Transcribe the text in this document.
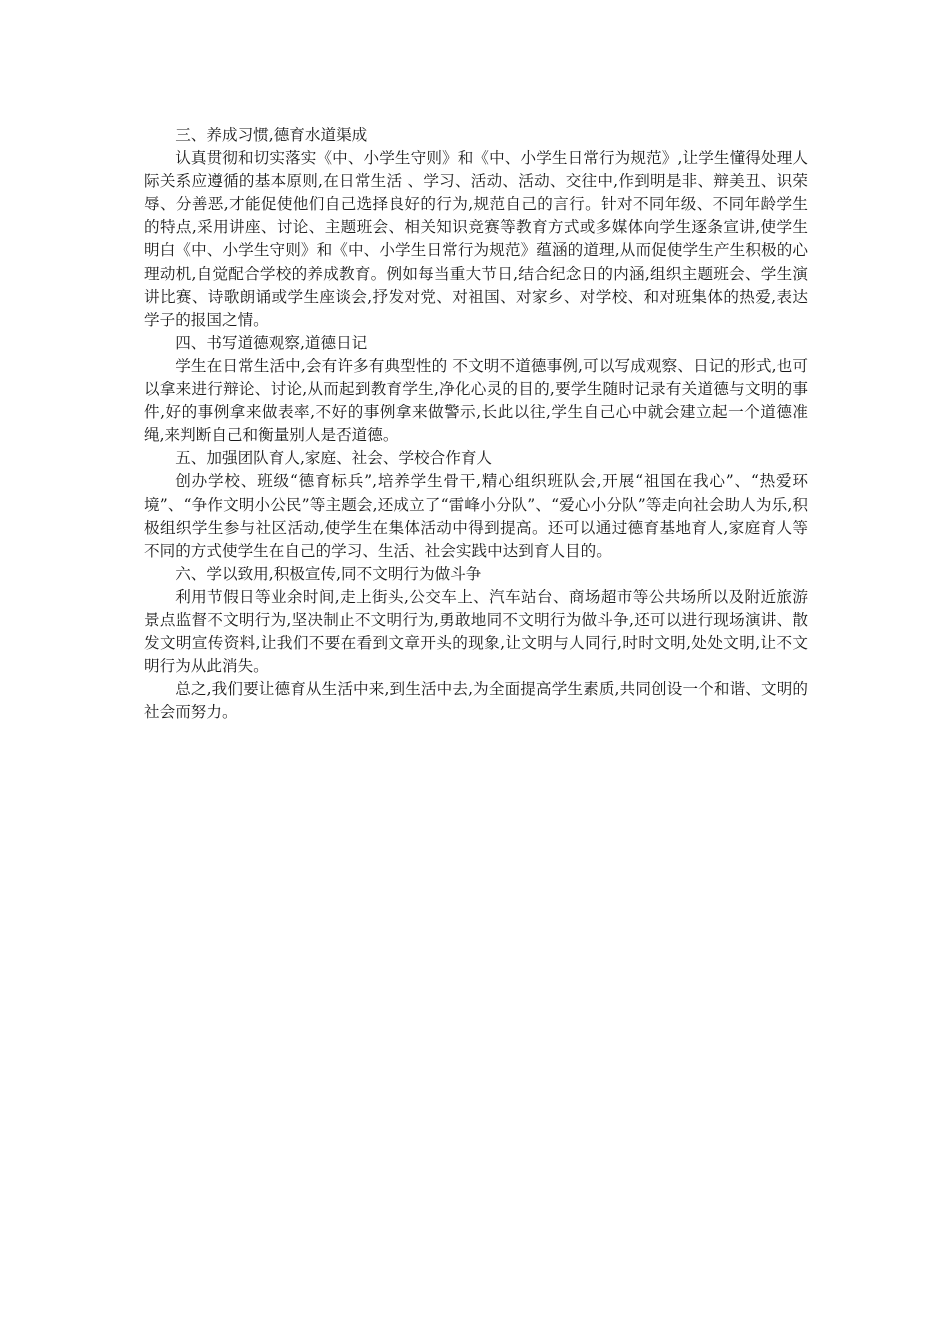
三、养成习惯,德育水道渠成

认真贯彻和切实落实《中、小学生守则》和《中、小学生日常行为规范》,让学生懂得处理人际关系应遵循的基本原则,在日常生活 、学习、活动、活动、交往中,作到明是非、辩美丑、识荣辱、分善恶,才能促使他们自己选择良好的行为,规范自己的言行。针对不同年级、不同年龄学生的特点,采用讲座、讨论、主题班会、相关知识竞赛等教育方式或多媒体向学生逐条宣讲,使学生明白《中、小学生守则》和《中、小学生日常行为规范》蕴涵的道理,从而促使学生产生积极的心理动机,自觉配合学校的养成教育。例如每当重大节日,结合纪念日的内涵,组织主题班会、学生演讲比赛、诗歌朗诵或学生座谈会,抒发对党、对祖国、对家乡、对学校、和对班集体的热爱,表达学子的报国之情。

四、书写道德观察,道德日记

学生在日常生活中,会有许多有典型性的 不文明不道德事例,可以写成观察、日记的形式,也可以拿来进行辩论、讨论,从而起到教育学生,净化心灵的目的,要学生随时记录有关道德与文明的事件,好的事例拿来做表率,不好的事例拿来做警示,长此以往,学生自己心中就会建立起一个道德准绳,来判断自己和衡量别人是否道德。

五、加强团队育人,家庭、社会、学校合作育人

创办学校、班级“德育标兵”,培养学生骨干,精心组织班队会,开展“祖国在我心”、“热爱环境”、“争作文明小公民”等主题会,还成立了“雷峰小分队”、“爱心小分队”等走向社会助人为乐,积极组织学生参与社区活动,使学生在集体活动中得到提高。还可以通过德育基地育人,家庭育人等不同的方式使学生在自己的学习、生活、社会实践中达到育人目的。

六、学以致用,积极宣传,同不文明行为做斗争

利用节假日等业余时间,走上街头,公交车上、汽车站台、商场超市等公共场所以及附近旅游景点监督不文明行为,坚决制止不文明行为,勇敢地同不文明行为做斗争,还可以进行现场演讲、散发文明宣传资料,让我们不要在看到文章开头的现象,让文明与人同行,时时文明,处处文明,让不文明行为从此消失。

总之,我们要让德育从生活中来,到生活中去,为全面提高学生素质,共同创设一个和谐、文明的社会而努力。
